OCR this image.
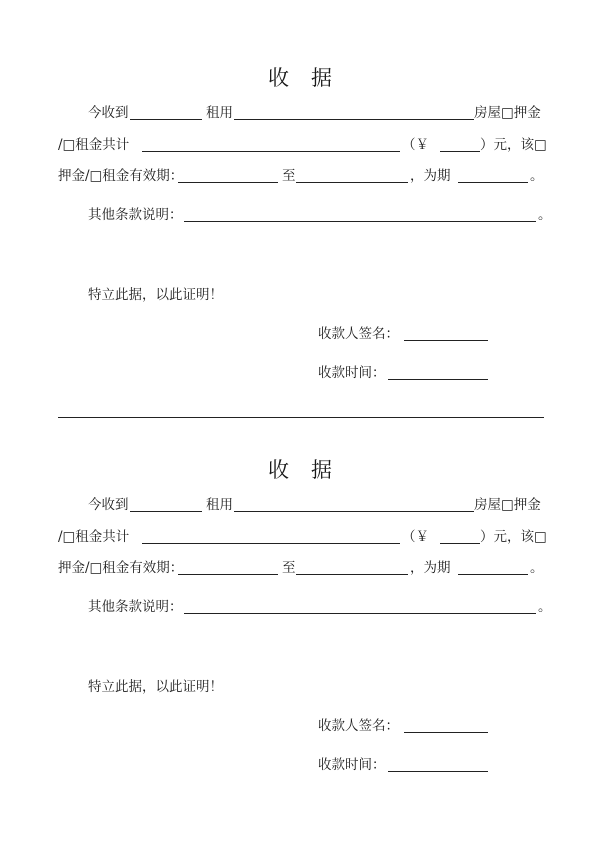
收 据
今收到	租用	房屋□押金
/□租金共计	（￥	）元，该□
押金/□租金有效期：	至	，为期	。
其他条款说明：	。
特立此据，以此证明！
收款人签名：
收款时间：
收 据
今收到	租用	房屋□押金
/□租金共计	（￥	）元，该□
押金/□租金有效期：	至	，为期	。
其他条款说明：	。
特立此据，以此证明！
收款人签名：
收款时间：
